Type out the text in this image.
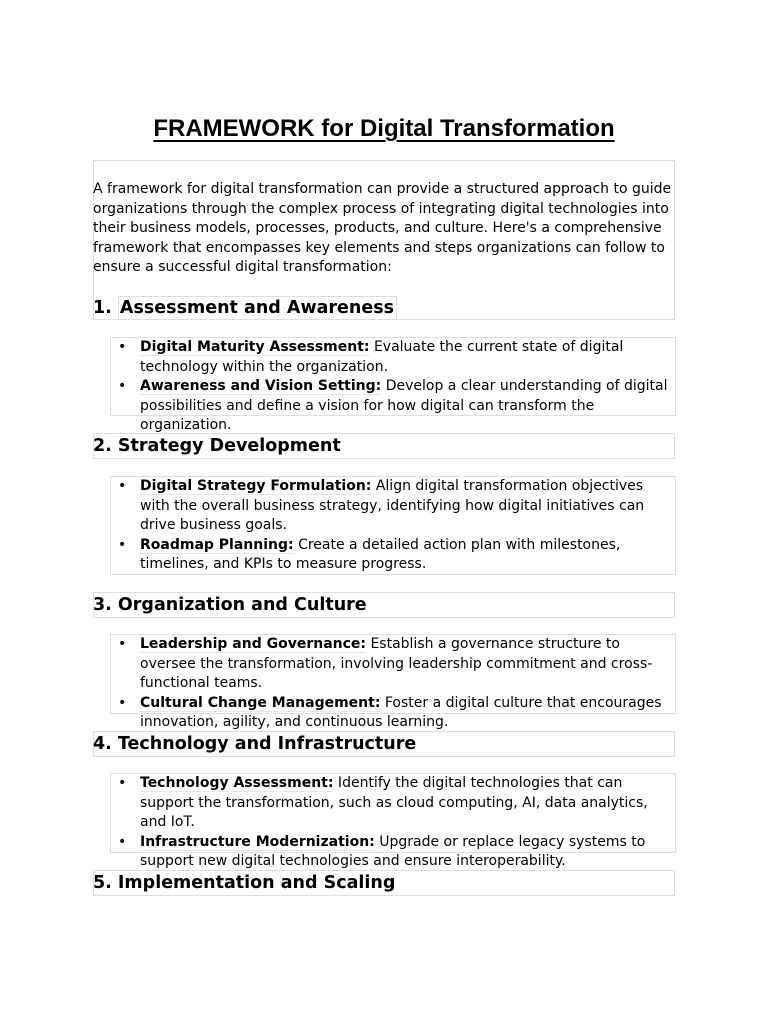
FRAMEWORK for Digital Transformation

A framework for digital transformation can provide a structured approach to guide organizations through the complex process of integrating digital technologies into their business models, processes, products, and culture. Here's a comprehensive framework that encompasses key elements and steps organizations can follow to ensure a successful digital transformation:

1. Assessment and Awareness
• Digital Maturity Assessment: Evaluate the current state of digital technology within the organization.
• Awareness and Vision Setting: Develop a clear understanding of digital possibilities and define a vision for how digital can transform the organization.
2. Strategy Development
• Digital Strategy Formulation: Align digital transformation objectives with the overall business strategy, identifying how digital initiatives can drive business goals.
• Roadmap Planning: Create a detailed action plan with milestones, timelines, and KPIs to measure progress.
3. Organization and Culture
• Leadership and Governance: Establish a governance structure to oversee the transformation, involving leadership commitment and cross-functional teams.
• Cultural Change Management: Foster a digital culture that encourages innovation, agility, and continuous learning.
4. Technology and Infrastructure
• Technology Assessment: Identify the digital technologies that can support the transformation, such as cloud computing, AI, data analytics, and IoT.
• Infrastructure Modernization: Upgrade or replace legacy systems to support new digital technologies and ensure interoperability.
5. Implementation and Scaling
